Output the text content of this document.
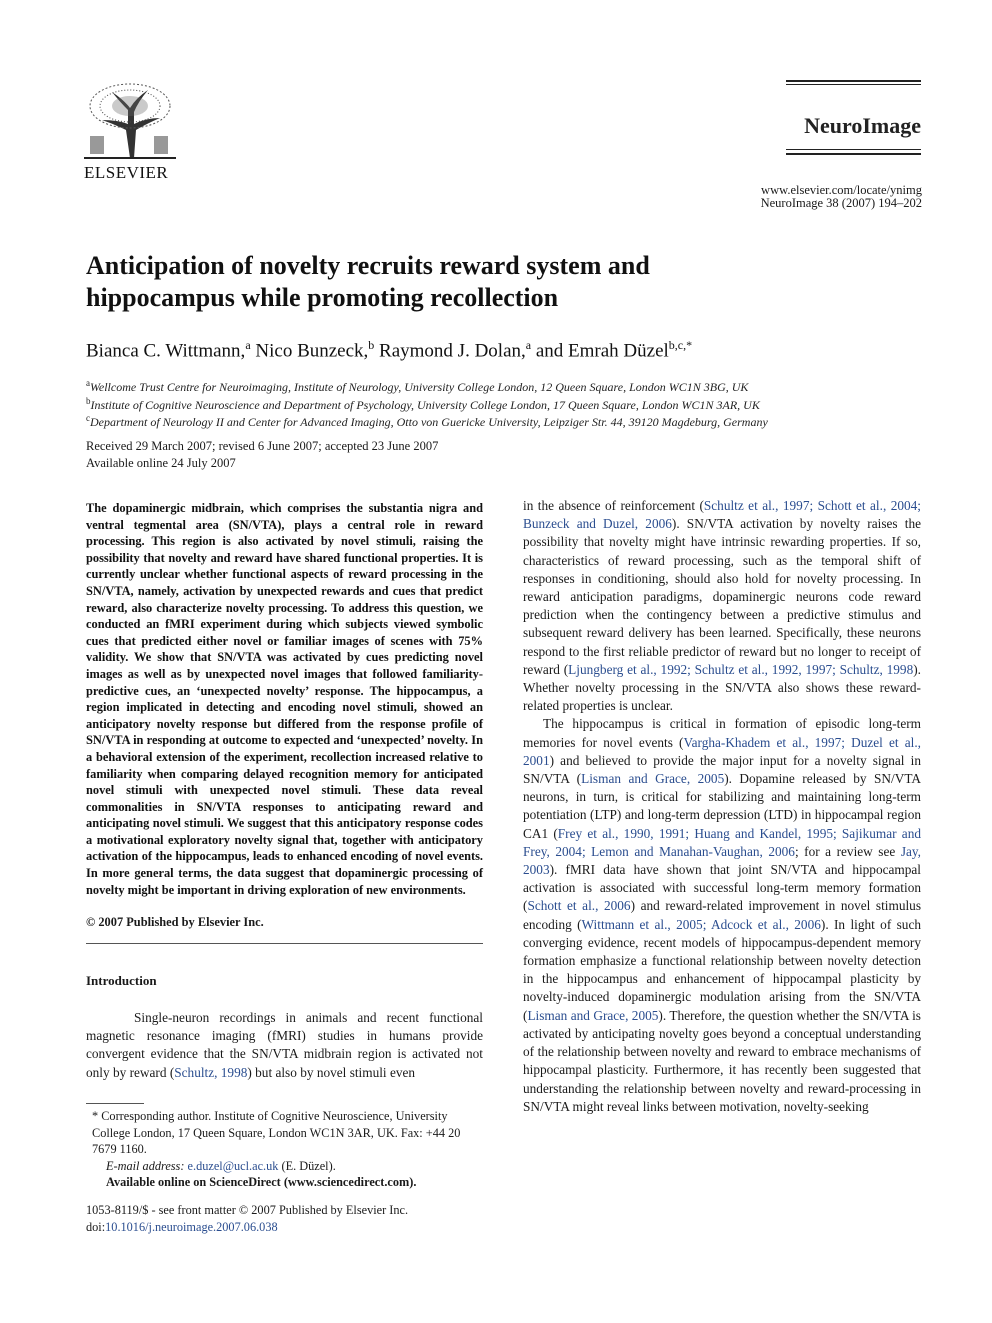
ELSEVIER
NeuroImage
www.elsevier.com/locate/ynimg
NeuroImage 38 (2007) 194–202
Anticipation of novelty recruits reward system and hippocampus while promoting recollection
Bianca C. Wittmann,$^a$ Nico Bunzeck,$^b$ Raymond J. Dolan,$^a$ and Emrah Düzel$^{b,c,*}$
$^a$Wellcome Trust Centre for Neuroimaging, Institute of Neurology, University College London, 12 Queen Square, London WC1N 3BG, UK
$^b$Institute of Cognitive Neuroscience and Department of Psychology, University College London, 17 Queen Square, London WC1N 3AR, UK
$^c$Department of Neurology II and Center for Advanced Imaging, Otto von Guericke University, Leipziger Str. 44, 39120 Magdeburg, Germany
Received 29 March 2007; revised 6 June 2007; accepted 23 June 2007
Available online 24 July 2007
The dopaminergic midbrain, which comprises the substantia nigra and ventral tegmental area (SN/VTA), plays a central role in reward processing. This region is also activated by novel stimuli, raising the possibility that novelty and reward have shared functional properties. It is currently unclear whether functional aspects of reward processing in the SN/VTA, namely, activation by unexpected rewards and cues that predict reward, also characterize novelty processing. To address this question, we conducted an fMRI experiment during which subjects viewed symbolic cues that predicted either novel or familiar images of scenes with 75% validity. We show that SN/VTA was activated by cues predicting novel images as well as by unexpected novel images that followed familiarity-predictive cues, an ‘unexpected novelty’ response. The hippocampus, a region implicated in detecting and encoding novel stimuli, showed an anticipatory novelty response but differed from the response profile of SN/VTA in responding at outcome to expected and ‘unexpected’ novelty. In a behavioral extension of the experiment, recollection increased relative to familiarity when comparing delayed recognition memory for anticipated novel stimuli with unexpected novel stimuli. These data reveal commonalities in SN/VTA responses to anticipating reward and anticipating novel stimuli. We suggest that this anticipatory response codes a motivational exploratory novelty signal that, together with anticipatory activation of the hippocampus, leads to enhanced encoding of novel events. In more general terms, the data suggest that dopaminergic processing of novelty might be important in driving exploration of new environments.
© 2007 Published by Elsevier Inc.
Introduction
Single-neuron recordings in animals and recent functional magnetic resonance imaging (fMRI) studies in humans provide convergent evidence that the SN/VTA midbrain region is activated not only by reward (Schultz, 1998) but also by novel stimuli even
* Corresponding author. Institute of Cognitive Neuroscience, University College London, 17 Queen Square, London WC1N 3AR, UK. Fax: +44 20 7679 1160.
E-mail address: e.duzel@ucl.ac.uk (E. Düzel).
Available online on ScienceDirect (www.sciencedirect.com).
1053-8119/$ - see front matter © 2007 Published by Elsevier Inc.
doi:10.1016/j.neuroimage.2007.06.038

in the absence of reinforcement (Schultz et al., 1997; Schott et al., 2004; Bunzeck and Duzel, 2006). SN/VTA activation by novelty raises the possibility that novelty might have intrinsic rewarding properties. If so, characteristics of reward processing, such as the temporal shift of responses in conditioning, should also hold for novelty processing. In reward anticipation paradigms, dopaminergic neurons code reward prediction when the contingency between a predictive stimulus and subsequent reward delivery has been learned. Specifically, these neurons respond to the first reliable predictor of reward but no longer to receipt of reward (Ljungberg et al., 1992; Schultz et al., 1992, 1997; Schultz, 1998). Whether novelty processing in the SN/VTA also shows these reward-related properties is unclear.

The hippocampus is critical in formation of episodic long-term memories for novel events (Vargha-Khadem et al., 1997; Duzel et al., 2001) and believed to provide the major input for a novelty signal in SN/VTA (Lisman and Grace, 2005). Dopamine released by SN/VTA neurons, in turn, is critical for stabilizing and maintaining long-term potentiation (LTP) and long-term depression (LTD) in hippocampal region CA1 (Frey et al., 1990, 1991; Huang and Kandel, 1995; Sajikumar and Frey, 2004; Lemon and Manahan-Vaughan, 2006; for a review see Jay, 2003). fMRI data have shown that joint SN/VTA and hippocampal activation is associated with successful long-term memory formation (Schott et al., 2006) and reward-related improvement in novel stimulus encoding (Wittmann et al., 2005; Adcock et al., 2006). In light of such converging evidence, recent models of hippocampus-dependent memory formation emphasize a functional relationship between novelty detection in the hippocampus and enhancement of hippocampal plasticity by novelty-induced dopaminergic modulation arising from the SN/VTA (Lisman and Grace, 2005). Therefore, the question whether the SN/VTA is activated by anticipating novelty goes beyond a conceptual understanding of the relationship between novelty and reward to embrace mechanisms of hippocampal plasticity. Furthermore, it has recently been suggested that understanding the relationship between novelty and reward-processing in SN/VTA might reveal links between motivation, novelty-seeking
